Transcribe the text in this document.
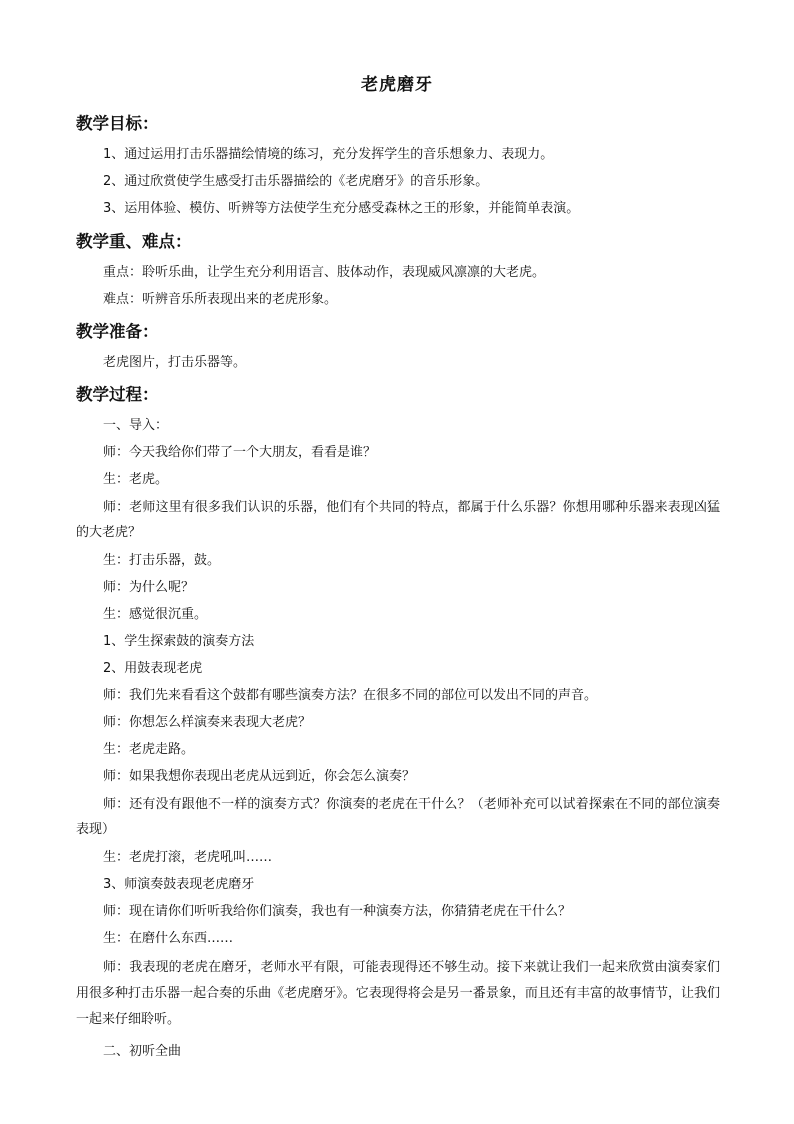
老虎磨牙
教学目标：
1、通过运用打击乐器描绘情境的练习，充分发挥学生的音乐想象力、表现力。
2、通过欣赏使学生感受打击乐器描绘的《老虎磨牙》的音乐形象。
3、运用体验、模仿、听辨等方法使学生充分感受森林之王的形象，并能简单表演。
教学重、难点：
重点：聆听乐曲，让学生充分利用语言、肢体动作，表现威风凛凛的大老虎。
难点：听辨音乐所表现出来的老虎形象。
教学准备：
老虎图片，打击乐器等。
教学过程：
一、导入：
师：今天我给你们带了一个大朋友，看看是谁？
生：老虎。
师：老师这里有很多我们认识的乐器，他们有个共同的特点，都属于什么乐器？你想用哪种乐器来表现凶猛的大老虎？
生：打击乐器，鼓。
师：为什么呢？
生：感觉很沉重。
1、学生探索鼓的演奏方法
2、用鼓表现老虎
师：我们先来看看这个鼓都有哪些演奏方法？在很多不同的部位可以发出不同的声音。
师：你想怎么样演奏来表现大老虎？
生：老虎走路。
师：如果我想你表现出老虎从远到近，你会怎么演奏？
师：还有没有跟他不一样的演奏方式？你演奏的老虎在干什么？（老师补充可以试着探索在不同的部位演奏表现）
生：老虎打滚，老虎吼叫……
3、师演奏鼓表现老虎磨牙
师：现在请你们听听我给你们演奏，我也有一种演奏方法，你猜猜老虎在干什么？
生：在磨什么东西……
师：我表现的老虎在磨牙，老师水平有限，可能表现得还不够生动。接下来就让我们一起来欣赏由演奏家们用很多种打击乐器一起合奏的乐曲《老虎磨牙》。它表现得将会是另一番景象，而且还有丰富的故事情节，让我们一起来仔细聆听。
二、初听全曲
